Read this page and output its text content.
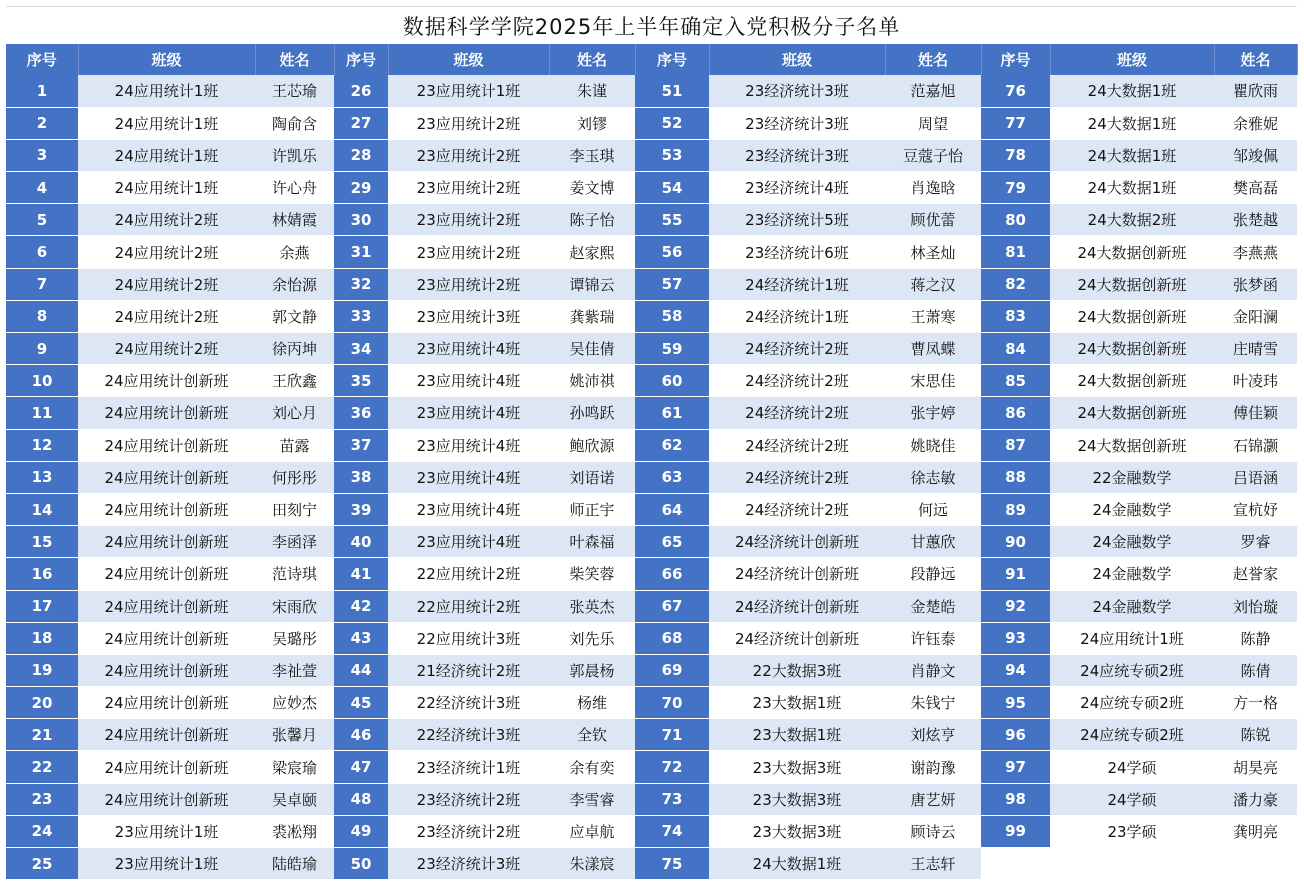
数据科学学院2025年上半年确定入党积极分子名单
序号	班级	姓名	序号	班级	姓名	序号	班级	姓名	序号	班级	姓名
1	24应用统计1班	王芯瑜	26	23应用统计1班	朱谨	51	23经济统计3班	范嘉旭	76	24大数据1班	瞿欣雨
2	24应用统计1班	陶俞含	27	23应用统计2班	刘镠	52	23经济统计3班	周望	77	24大数据1班	余雅妮
3	24应用统计1班	许凯乐	28	23应用统计2班	李玉琪	53	23经济统计3班	豆蔻子怡	78	24大数据1班	邹竣佩
4	24应用统计1班	许心舟	29	23应用统计2班	姜文博	54	23经济统计4班	肖逸晗	79	24大数据1班	樊高磊
5	24应用统计2班	林婧霞	30	23应用统计2班	陈子怡	55	23经济统计5班	顾优蕾	80	24大数据2班	张楚越
6	24应用统计2班	余燕	31	23应用统计2班	赵家熙	56	23经济统计6班	林圣灿	81	24大数据创新班	李燕燕
7	24应用统计2班	余怡源	32	23应用统计2班	谭锦云	57	24经济统计1班	蒋之汉	82	24大数据创新班	张梦函
8	24应用统计2班	郭文静	33	23应用统计3班	龚紫瑞	58	24经济统计1班	王萧寒	83	24大数据创新班	金阳澜
9	24应用统计2班	徐丙坤	34	23应用统计4班	吴佳倩	59	24经济统计2班	曹凤蝶	84	24大数据创新班	庄晴雪
10	24应用统计创新班	王欣鑫	35	23应用统计4班	姚沛祺	60	24经济统计2班	宋思佳	85	24大数据创新班	叶凌玮
11	24应用统计创新班	刘心月	36	23应用统计4班	孙鸣跃	61	24经济统计2班	张宇婷	86	24大数据创新班	傅佳颖
12	24应用统计创新班	苗露	37	23应用统计4班	鲍欣源	62	24经济统计2班	姚晓佳	87	24大数据创新班	石锦灏
13	24应用统计创新班	何彤彤	38	23应用统计4班	刘语诺	63	24经济统计2班	徐志敏	88	22金融数学	吕语涵
14	24应用统计创新班	田刻宁	39	23应用统计4班	师正宇	64	24经济统计2班	何远	89	24金融数学	宣杭妤
15	24应用统计创新班	李函泽	40	23应用统计4班	叶森福	65	24经济统计创新班	甘蕙欣	90	24金融数学	罗睿
16	24应用统计创新班	范诗琪	41	22应用统计2班	柴笑蓉	66	24经济统计创新班	段静远	91	24金融数学	赵誉家
17	24应用统计创新班	宋雨欣	42	22应用统计2班	张英杰	67	24经济统计创新班	金楚皓	92	24金融数学	刘怡璇
18	24应用统计创新班	吴璐彤	43	22应用统计3班	刘先乐	68	24经济统计创新班	许钰泰	93	24应用统计1班	陈静
19	24应用统计创新班	李祉萱	44	21经济统计2班	郭晨杨	69	22大数据3班	肖静文	94	24应统专硕2班	陈倩
20	24应用统计创新班	应妙杰	45	22经济统计3班	杨维	70	23大数据1班	朱钱宁	95	24应统专硕2班	方一格
21	24应用统计创新班	张馨月	46	22经济统计3班	全钦	71	23大数据1班	刘炫亨	96	24应统专硕2班	陈锐
22	24应用统计创新班	梁宸瑜	47	23经济统计1班	余有奕	72	23大数据3班	谢韵豫	97	24学硕	胡昊亮
23	24应用统计创新班	吴卓颐	48	23经济统计2班	李雪睿	73	23大数据3班	唐艺妍	98	24学硕	潘力豪
24	23应用统计1班	裘凇翔	49	23经济统计2班	应卓航	74	23大数据3班	顾诗云	99	23学硕	龚明亮
25	23应用统计1班	陆皓瑜	50	23经济统计3班	朱漾宸	75	24大数据1班	王志轩			
